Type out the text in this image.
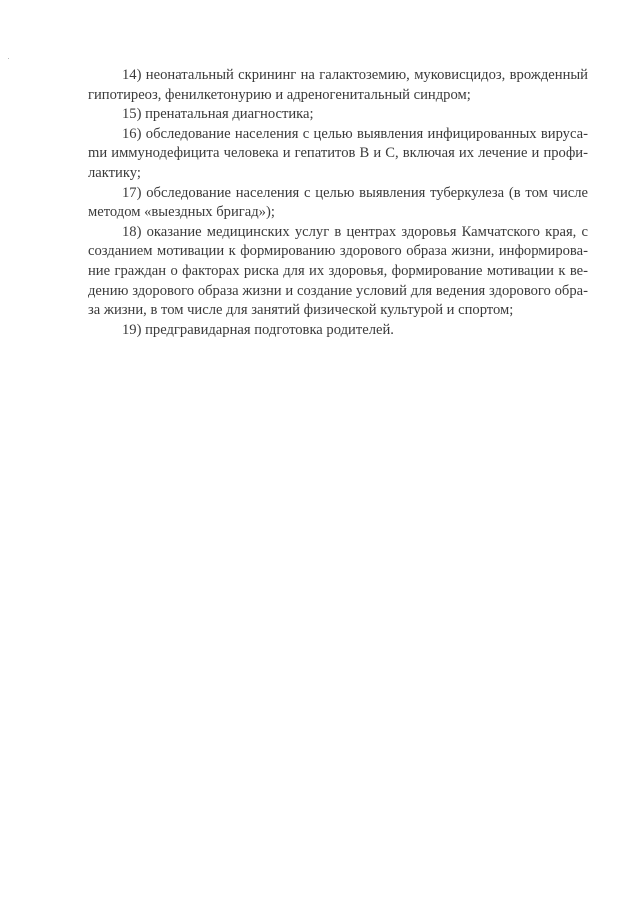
14) неонатальный скрининг на галактоземию, муковисцидоз, врожденный гипотиреоз, фенилкетонурию и адреногенитальный синдром;

15) пренатальная диагностика;

16) обследование населения с целью выявления инфицированных вирусаmи иммунодефицита человека и гепатитов В и С, включая их лечение и профилактику;

17) обследование населения с целью выявления туберкулеза (в том числе методом «выездных бригад»);

18) оказание медицинских услуг в центрах здоровья Камчатского края, с созданием мотивации к формированию здорового образа жизни, информирование граждан о факторах риска для их здоровья, формирование мотивации к ведению здорового образа жизни и создание условий для ведения здорового образа жизни, в том числе для занятий физической культурой и спортом;

19) предгравидарная подготовка родителей.
